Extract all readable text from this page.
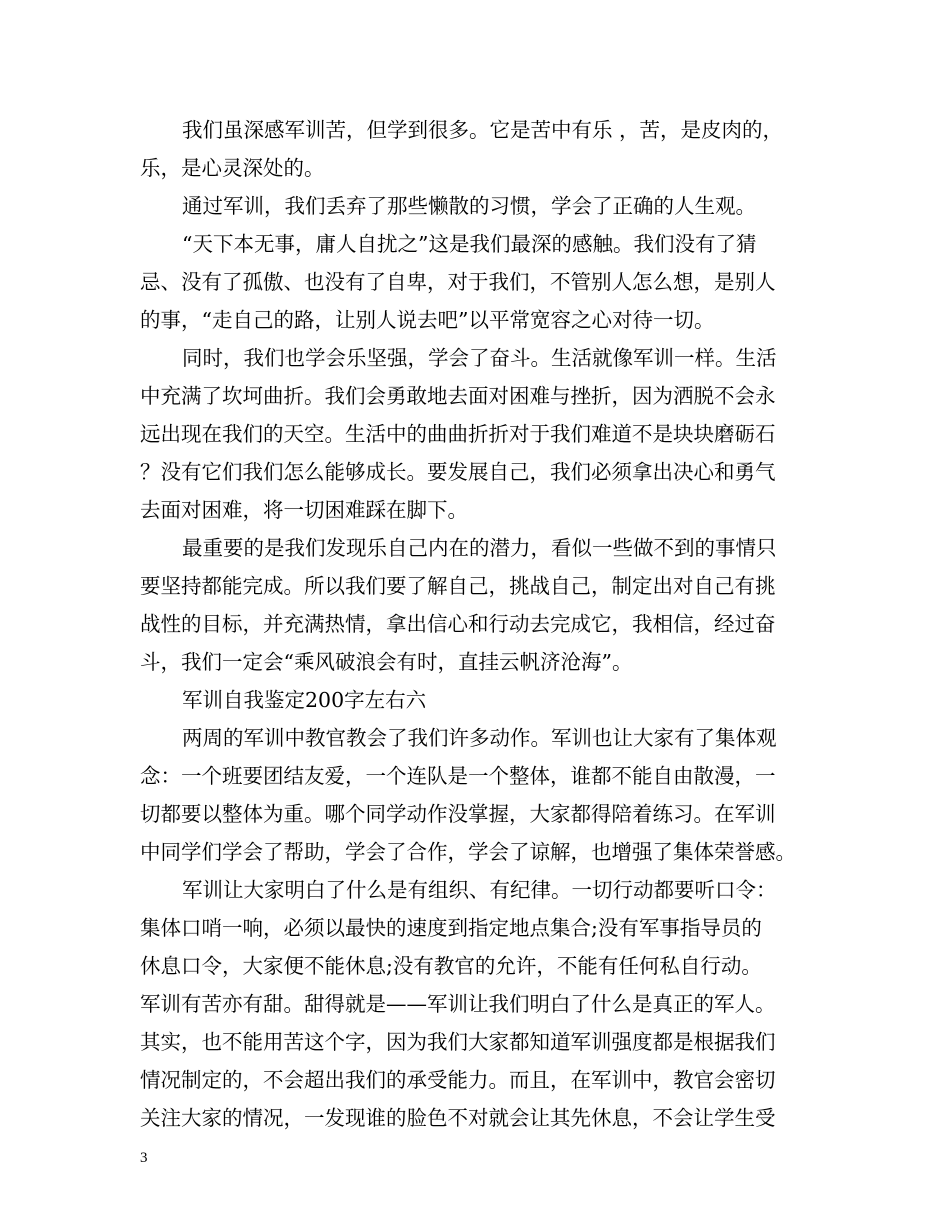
我们虽深感军训苦，但学到很多。它是苦中有乐 ，苦，是皮肉的，
乐，是心灵深处的。
通过军训，我们丢弃了那些懒散的习惯，学会了正确的人生观。
“天下本无事，庸人自扰之”这是我们最深的感触。我们没有了猜
忌、没有了孤傲、也没有了自卑，对于我们，不管别人怎么想，是别人
的事，“走自己的路，让别人说去吧”以平常宽容之心对待一切。
同时，我们也学会乐坚强，学会了奋斗。生活就像军训一样。生活
中充满了坎坷曲折。我们会勇敢地去面对困难与挫折，因为洒脱不会永
远出现在我们的天空。生活中的曲曲折折对于我们难道不是块块磨砺石
？没有它们我们怎么能够成长。要发展自己，我们必须拿出决心和勇气
去面对困难，将一切困难踩在脚下。
最重要的是我们发现乐自己内在的潜力，看似一些做不到的事情只
要坚持都能完成。所以我们要了解自己，挑战自己，制定出对自己有挑
战性的目标，并充满热情，拿出信心和行动去完成它，我相信，经过奋
斗，我们一定会“乘风破浪会有时，直挂云帆济沧海”。
军训自我鉴定200字左右六
两周的军训中教官教会了我们许多动作。军训也让大家有了集体观
念：一个班要团结友爱，一个连队是一个整体，谁都不能自由散漫，一
切都要以整体为重。哪个同学动作没掌握，大家都得陪着练习。在军训
中同学们学会了帮助，学会了合作，学会了谅解，也增强了集体荣誉感。
军训让大家明白了什么是有组织、有纪律。一切行动都要听口令：
集体口哨一响，必须以最快的速度到指定地点集合;没有军事指导员的
休息口令，大家便不能休息;没有教官的允许，不能有任何私自行动。
军训有苦亦有甜。甜得就是——军训让我们明白了什么是真正的军人。
其实，也不能用苦这个字，因为我们大家都知道军训强度都是根据我们
情况制定的，不会超出我们的承受能力。而且，在军训中，教官会密切
关注大家的情况，一发现谁的脸色不对就会让其先休息，不会让学生受
3
